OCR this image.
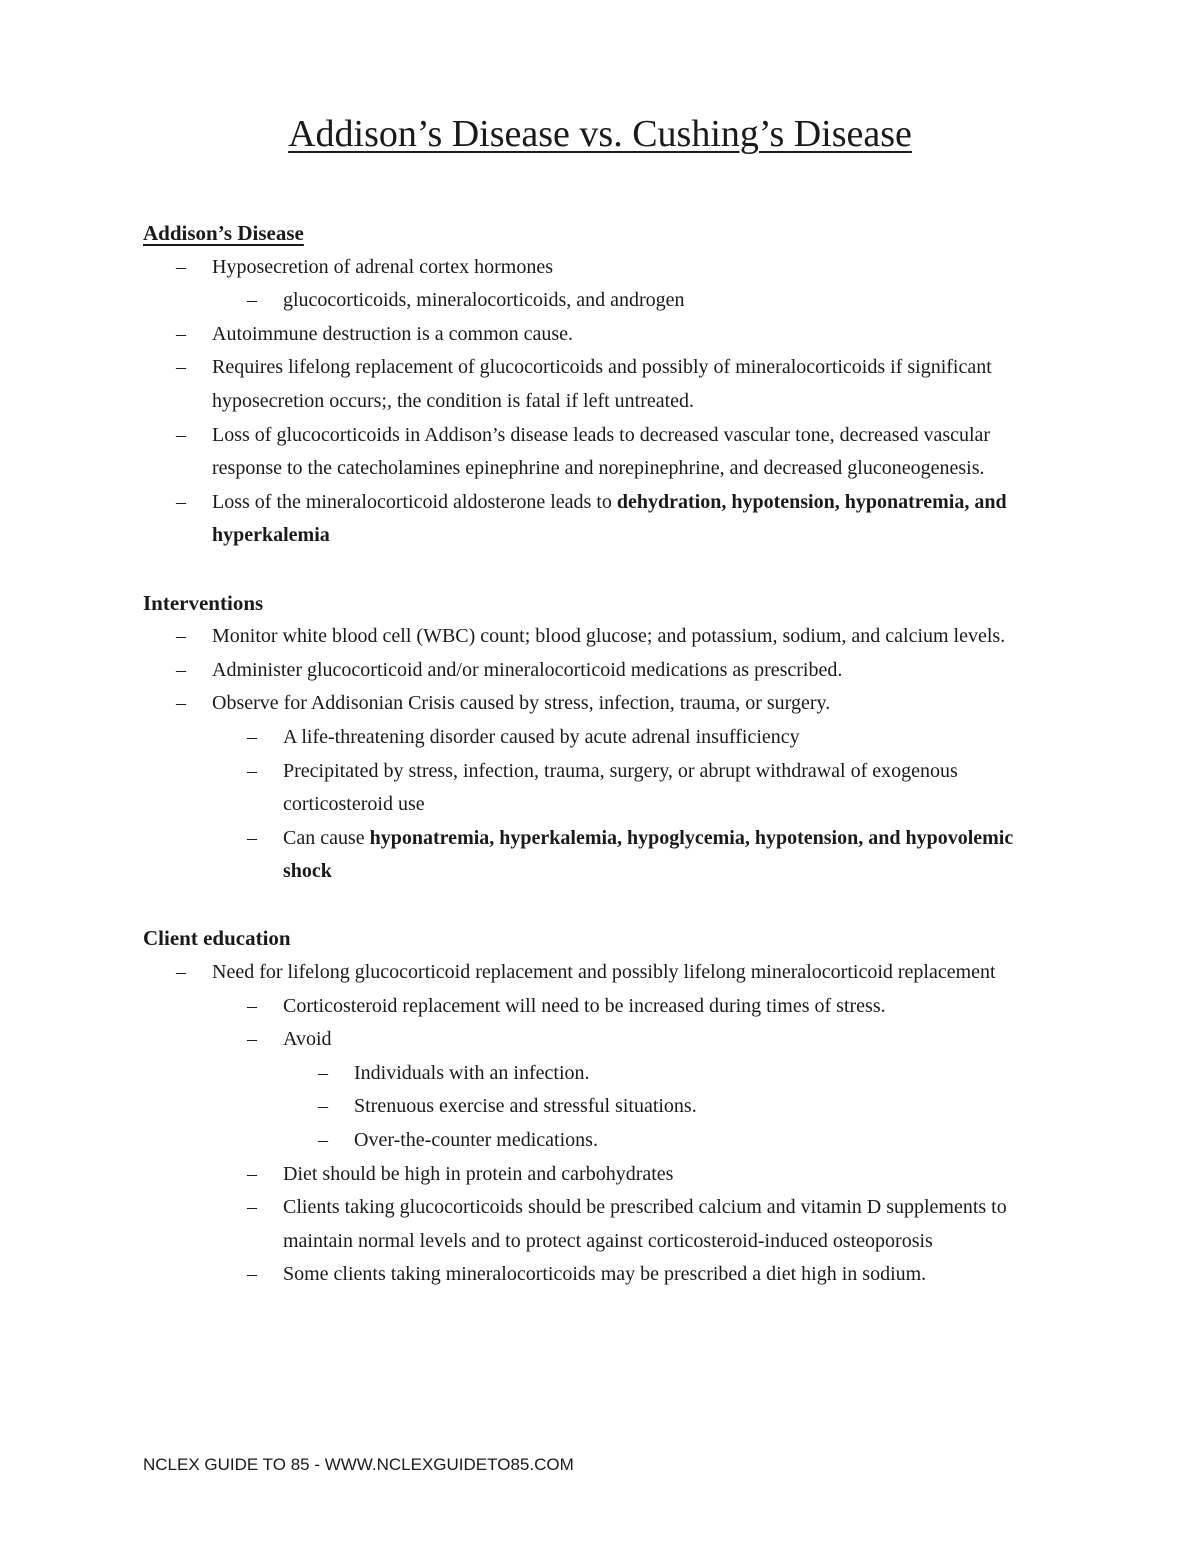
Addison’s Disease vs. Cushing’s Disease
Addison’s Disease
– Hyposecretion of adrenal cortex hormones
– glucocorticoids, mineralocorticoids, and androgen
– Autoimmune destruction is a common cause.
– Requires lifelong replacement of glucocorticoids and possibly of mineralocorticoids if significant hyposecretion occurs;, the condition is fatal if left untreated.
– Loss of glucocorticoids in Addison’s disease leads to decreased vascular tone, decreased vascular response to the catecholamines epinephrine and norepinephrine, and decreased gluconeogenesis.
– Loss of the mineralocorticoid aldosterone leads to dehydration, hypotension, hyponatremia, and hyperkalemia
Interventions
– Monitor white blood cell (WBC) count; blood glucose; and potassium, sodium, and calcium levels.
– Administer glucocorticoid and/or mineralocorticoid medications as prescribed.
– Observe for Addisonian Crisis caused by stress, infection, trauma, or surgery.
– A life-threatening disorder caused by acute adrenal insufficiency
– Precipitated by stress, infection, trauma, surgery, or abrupt withdrawal of exogenous corticosteroid use
– Can cause hyponatremia, hyperkalemia, hypoglycemia, hypotension, and hypovolemic shock
Client education
– Need for lifelong glucocorticoid replacement and possibly lifelong mineralocorticoid replacement
– Corticosteroid replacement will need to be increased during times of stress.
– Avoid
– Individuals with an infection.
– Strenuous exercise and stressful situations.
– Over-the-counter medications.
– Diet should be high in protein and carbohydrates
– Clients taking glucocorticoids should be prescribed calcium and vitamin D supplements to maintain normal levels and to protect against corticosteroid-induced osteoporosis
– Some clients taking mineralocorticoids may be prescribed a diet high in sodium.
NCLEX GUIDE TO 85 - WWW.NCLEXGUIDETO85.COM
